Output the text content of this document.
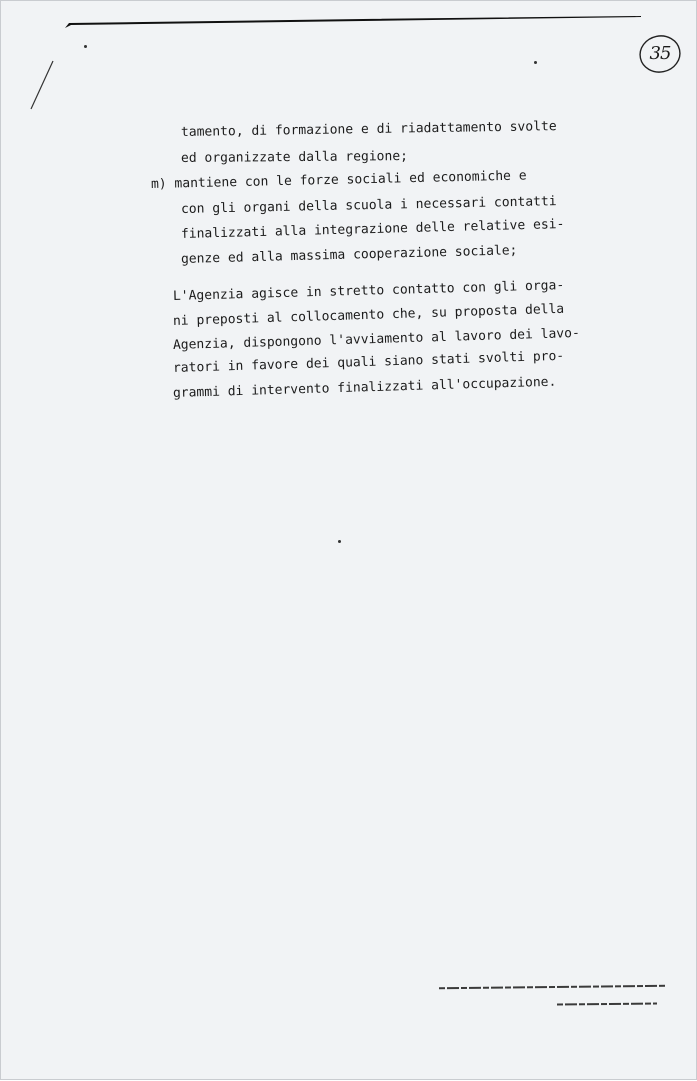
35
tamento, di formazione e di riadattamento svolte
ed organizzate dalla regione;
m) mantiene con le forze sociali ed economiche e
con gli organi della scuola i necessari contatti
finalizzati alla integrazione delle relative esi-
genze ed alla massima cooperazione sociale;
L'Agenzia agisce in stretto contatto con gli orga-
ni preposti al collocamento che, su proposta della
Agenzia, dispongono l'avviamento al lavoro dei lavo-
ratori in favore dei quali siano stati svolti pro-
grammi di intervento finalizzati all'occupazione.
